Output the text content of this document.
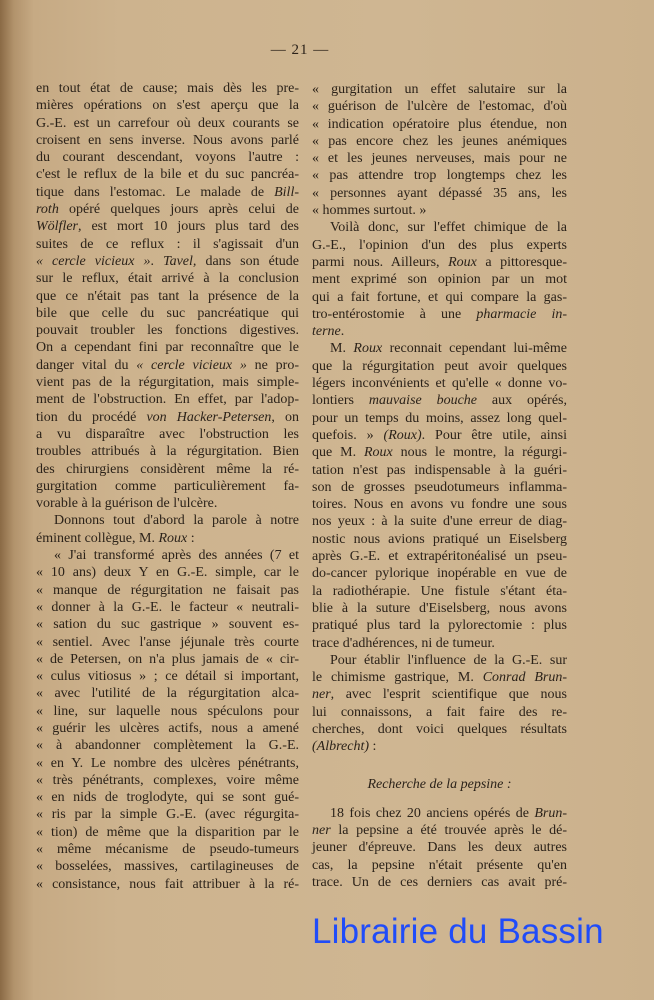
— 21 —
en tout état de cause; mais dès les pre-
mières opérations on s'est aperçu que la
G.-E. est un carrefour où deux courants se
croisent en sens inverse. Nous avons parlé
du courant descendant, voyons l'autre :
c'est le reflux de la bile et du suc pancréa-
tique dans l'estomac. Le malade de Bill-
roth opéré quelques jours après celui de
Wölfler, est mort 10 jours plus tard des
suites de ce reflux : il s'agissait d'un
« cercle vicieux ». Tavel, dans son étude
sur le reflux, était arrivé à la conclusion
que ce n'était pas tant la présence de la
bile que celle du suc pancréatique qui
pouvait troubler les fonctions digestives.
On a cependant fini par reconnaître que le
danger vital du « cercle vicieux » ne pro-
vient pas de la régurgitation, mais simple-
ment de l'obstruction. En effet, par l'adop-
tion du procédé von Hacker-Petersen, on
a vu disparaître avec l'obstruction les
troubles attribués à la régurgitation. Bien
des chirurgiens considèrent même la ré-
gurgitation comme particulièrement fa-
vorable à la guérison de l'ulcère.
Donnons tout d'abord la parole à notre
éminent collègue, M. Roux :
« J'ai transformé après des années (7 et
« 10 ans) deux Y en G.-E. simple, car le
« manque de régurgitation ne faisait pas
« donner à la G.-E. le facteur « neutrali-
« sation du suc gastrique » souvent es-
« sentiel. Avec l'anse jéjunale très courte
« de Petersen, on n'a plus jamais de « cir-
« culus vitiosus » ; ce détail si important,
« avec l'utilité de la régurgitation alca-
« line, sur laquelle nous spéculons pour
« guérir les ulcères actifs, nous a amené
« à abandonner complètement la G.-E.
« en Y. Le nombre des ulcères pénétrants,
« très pénétrants, complexes, voire même
« en nids de troglodyte, qui se sont gué-
« ris par la simple G.-E. (avec régurgita-
« tion) de même que la disparition par le
« même mécanisme de pseudo-tumeurs
« bosselées, massives, cartilagineuses de
« consistance, nous fait attribuer à la ré-
« gurgitation un effet salutaire sur la
« guérison de l'ulcère de l'estomac, d'où
« indication opératoire plus étendue, non
« pas encore chez les jeunes anémiques
« et les jeunes nerveuses, mais pour ne
« pas attendre trop longtemps chez les
« personnes ayant dépassé 35 ans, les
« hommes surtout. »
Voilà donc, sur l'effet chimique de la
G.-E., l'opinion d'un des plus experts
parmi nous. Ailleurs, Roux a pittoresque-
ment exprimé son opinion par un mot
qui a fait fortune, et qui compare la gas-
tro-entérostomie à une pharmacie in-
terne.
M. Roux reconnait cependant lui-même
que la régurgitation peut avoir quelques
légers inconvénients et qu'elle « donne vo-
lontiers mauvaise bouche aux opérés,
pour un temps du moins, assez long quel-
quefois. » (Roux). Pour être utile, ainsi
que M. Roux nous le montre, la régurgi-
tation n'est pas indispensable à la guéri-
son de grosses pseudotumeurs inflamma-
toires. Nous en avons vu fondre une sous
nos yeux : à la suite d'une erreur de diag-
nostic nous avions pratiqué un Eiselsberg
après G.-E. et extrapéritonéalisé un pseu-
do-cancer pylorique inopérable en vue de
la radiothérapie. Une fistule s'étant éta-
blie à la suture d'Eiselsberg, nous avons
pratiqué plus tard la pylorectomie : plus
trace d'adhérences, ni de tumeur.
Pour établir l'influence de la G.-E. sur
le chimisme gastrique, M. Conrad Brun-
ner, avec l'esprit scientifique que nous
lui connaissons, a fait faire des re-
cherches, dont voici quelques résultats
(Albrecht) :
Recherche de la pepsine :
18 fois chez 20 anciens opérés de Brun-
ner la pepsine a été trouvée après le dé-
jeuner d'épreuve. Dans les deux autres
cas, la pepsine n'était présente qu'en
trace. Un de ces derniers cas avait pré-
Librairie du Bassin
